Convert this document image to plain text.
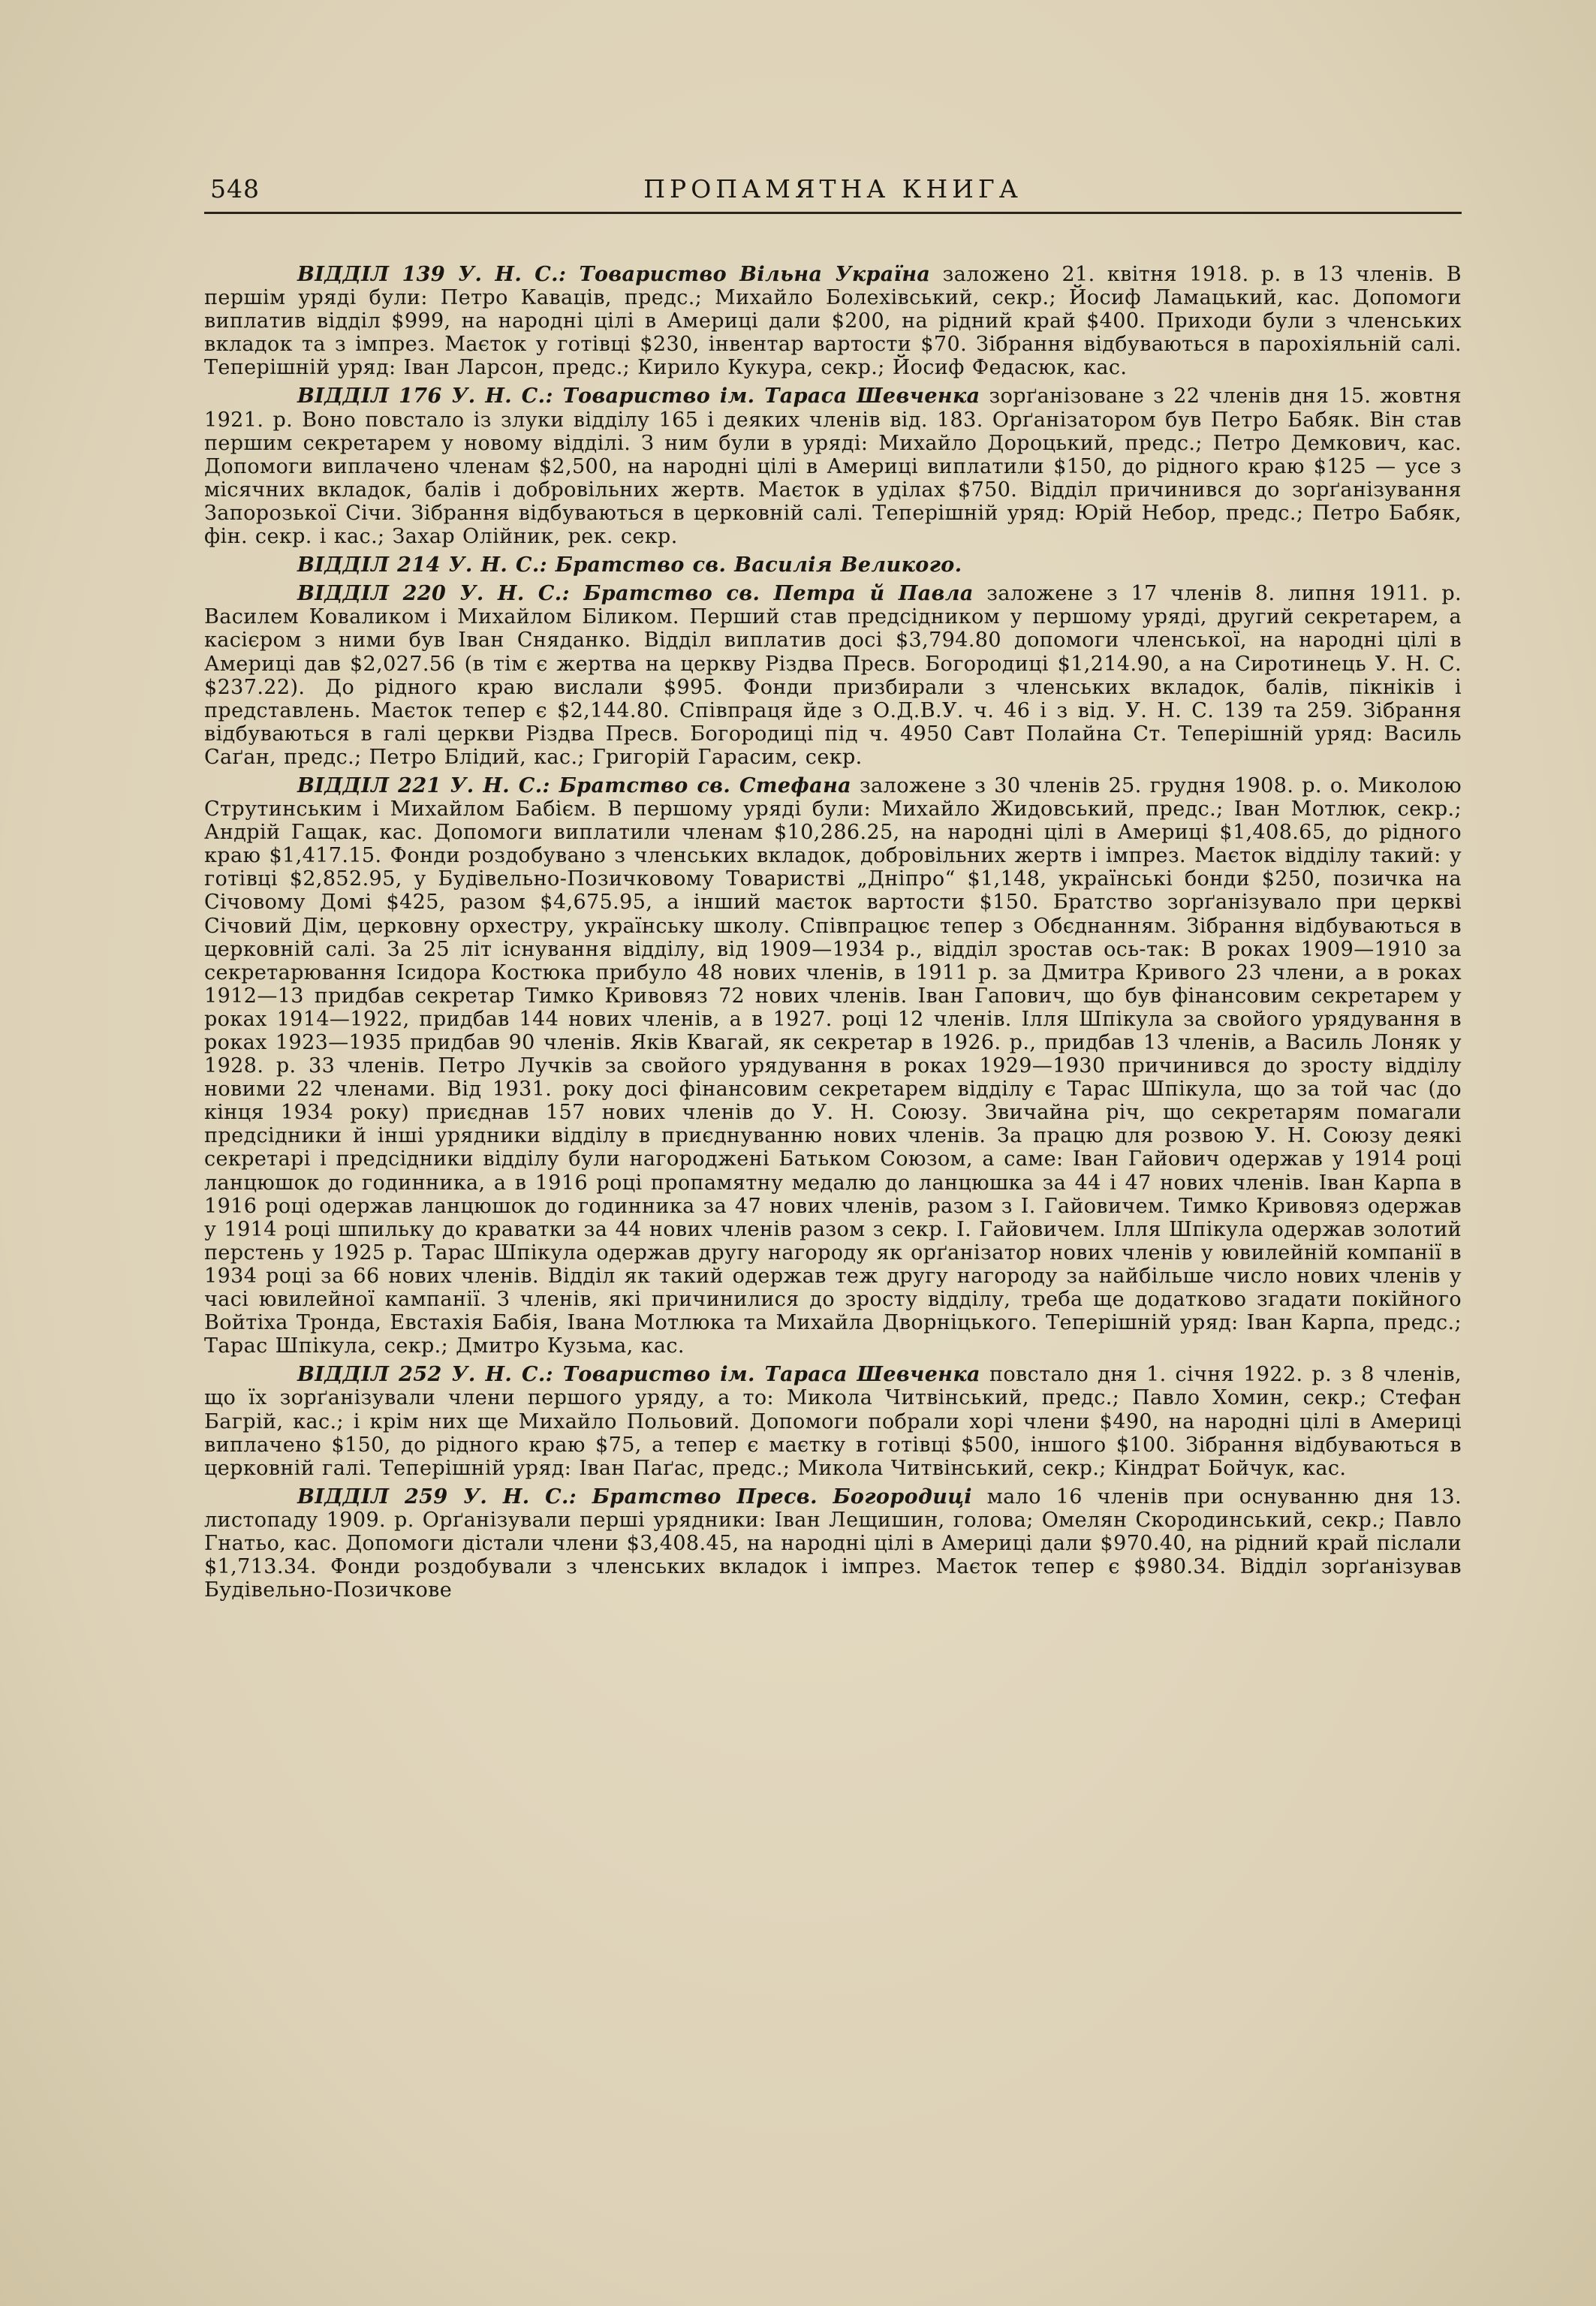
548	ПРОПАМЯТНА КНИГА

ВІДДІЛ 139 У. Н. С.: Товариство Вільна Україна заложено 21. квітня 1918. р. в 13 членів. В першім уряді були: Петро Каваців, предс.; Михайло Болехівський, секр.; Йосиф Ламацький, кас. Допомоги виплатив відділ $999, на народні цілі в Америці дали $200, на рідний край $400. Приходи були з членських вкладок та з імпрез. Маєток у готівці $230, інвентар вартости $70. Зібрання відбуваються в парохіяльній салі. Теперішній уряд: Іван Ларсон, предс.; Кирило Кукура, секр.; Йосиф Федасюк, кас.

ВІДДІЛ 176 У. Н. С.: Товариство ім. Тараса Шевченка зорґанізоване з 22 членів дня 15. жовтня 1921. р. Воно повстало із злуки відділу 165 і деяких членів від. 183. Орґанізатором був Петро Бабяк. Він став першим секретарем у новому відділі. З ним були в уряді: Михайло Дороцький, предс.; Петро Демкович, кас. Допомоги виплачено членам $2,500, на народні цілі в Америці виплатили $150, до рідного краю $125 — усе з місячних вкладок, балів і добровільних жертв. Маєток в уділах $750. Відділ причинився до зорґанізування Запорозької Січи. Зібрання відбуваються в церковній салі. Теперішній уряд: Юрій Небор, предс.; Петро Бабяк, фін. секр. і кас.; Захар Олійник, рек. секр.

ВІДДІЛ 214 У. Н. С.: Братство св. Василія Великого.

ВІДДІЛ 220 У. Н. С.: Братство св. Петра й Павла заложене з 17 членів 8. липня 1911. р. Василем Коваликом і Михайлом Біликом. Перший став предсідником у першому уряді, другий секретарем, а касієром з ними був Іван Сняданко. Відділ виплатив досі $3,794.80 допомоги членської, на народні цілі в Америці дав $2,027.56 (в тім є жертва на церкву Різдва Пресв. Богородиці $1,214.90, а на Сиротинець У. Н. С. $237.22). До рідного краю вислали $995. Фонди призбирали з членських вкладок, балів, пікніків і представлень. Маєток тепер є $2,144.80. Співпраця йде з О.Д.В.У. ч. 46 і з від. У. Н. С. 139 та 259. Зібрання відбуваються в галі церкви Різдва Пресв. Богородиці під ч. 4950 Савт Полайна Ст. Теперішній уряд: Василь Саґан, предс.; Петро Блідий, кас.; Григорій Гарасим, секр.

ВІДДІЛ 221 У. Н. С.: Братство св. Стефана заложене з 30 членів 25. грудня 1908. р. о. Миколою Струтинським і Михайлом Бабієм. В першому уряді були: Михайло Жидовський, предс.; Іван Мотлюк, секр.; Андрій Гащак, кас. Допомоги виплатили членам $10,286.25, на народні цілі в Америці $1,408.65, до рідного краю $1,417.15. Фонди роздобувано з членських вкладок, добровільних жертв і імпрез. Маєток відділу такий: у готівці $2,852.95, у Будівельно-Позичковому Товаристві „Дніпро“ $1,148, українські бонди $250, позичка на Січовому Домі $425, разом $4,675.95, а інший маєток вартости $150. Братство зорґанізувало при церкві Січовий Дім, церковну орхестру, українську школу. Співпрацює тепер з Обєднанням. Зібрання відбуваються в церковній салі. За 25 літ існування відділу, від 1909—1934 р., відділ зростав ось-так: В роках 1909—1910 за секретарювання Ісидора Костюка прибуло 48 нових членів, в 1911 р. за Дмитра Кривого 23 члени, а в роках 1912—13 придбав секретар Тимко Кривовяз 72 нових членів. Іван Гапович, що був фінансовим секретарем у роках 1914—1922, придбав 144 нових членів, а в 1927. році 12 членів. Ілля Шпікула за свойого урядування в роках 1923—1935 придбав 90 членів. Яків Квагай, як секретар в 1926. р., придбав 13 членів, а Василь Лоняк у 1928. р. 33 членів. Петро Лучків за свойого урядування в роках 1929—1930 причинився до зросту відділу новими 22 членами. Від 1931. року досі фінансовим секретарем відділу є Тарас Шпікула, що за той час (до кінця 1934 року) приєднав 157 нових членів до У. Н. Союзу. Звичайна річ, що секретарям помагали предсідники й інші урядники відділу в приєднуванню нових членів. За працю для розвою У. Н. Союзу деякі секретарі і предсідники відділу були нагороджені Батьком Союзом, а саме: Іван Гайович одержав у 1914 році ланцюшок до годинника, а в 1916 році пропамятну медалю до ланцюшка за 44 і 47 нових членів. Іван Карпа в 1916 році одержав ланцюшок до годинника за 47 нових членів, разом з І. Гайовичем. Тимко Кривовяз одержав у 1914 році шпильку до краватки за 44 нових членів разом з секр. І. Гайовичем. Ілля Шпікула одержав золотий перстень у 1925 р. Тарас Шпікула одержав другу нагороду як орґанізатор нових членів у ювилейній компанії в 1934 році за 66 нових членів. Відділ як такий одержав теж другу нагороду за найбільше число нових членів у часі ювилейної кампанії. З членів, які причинилися до зросту відділу, треба ще додатково згадати покійного Войтіха Тронда, Евстахія Бабія, Івана Мотлюка та Михайла Дворніцького. Теперішній уряд: Іван Карпа, предс.; Тарас Шпікула, секр.; Дмитро Кузьма, кас.

ВІДДІЛ 252 У. Н. С.: Товариство ім. Тараса Шевченка повстало дня 1. січня 1922. р. з 8 членів, що їх зорґанізували члени першого уряду, а то: Микола Читвінський, предс.; Павло Хомин, секр.; Стефан Багрій, кас.; і крім них ще Михайло Польовий. Допомоги побрали хорі члени $490, на народні цілі в Америці виплачено $150, до рідного краю $75, а тепер є маєтку в готівці $500, іншого $100. Зібрання відбуваються в церковній галі. Теперішній уряд: Іван Паґас, предс.; Микола Читвінський, секр.; Кіндрат Бойчук, кас.

ВІДДІЛ 259 У. Н. С.: Братство Пресв. Богородиці мало 16 членів при оснуванню дня 13. листопаду 1909. р. Орґанізували перші урядники: Іван Лещишин, голова; Омелян Скородинський, секр.; Павло Гнатьо, кас. Допомоги дістали члени $3,408.45, на народні цілі в Америці дали $970.40, на рідний край післали $1,713.34. Фонди роздобували з членських вкладок і імпрез. Маєток тепер є $980.34. Відділ зорґанізував Будівельно-Позичкове
